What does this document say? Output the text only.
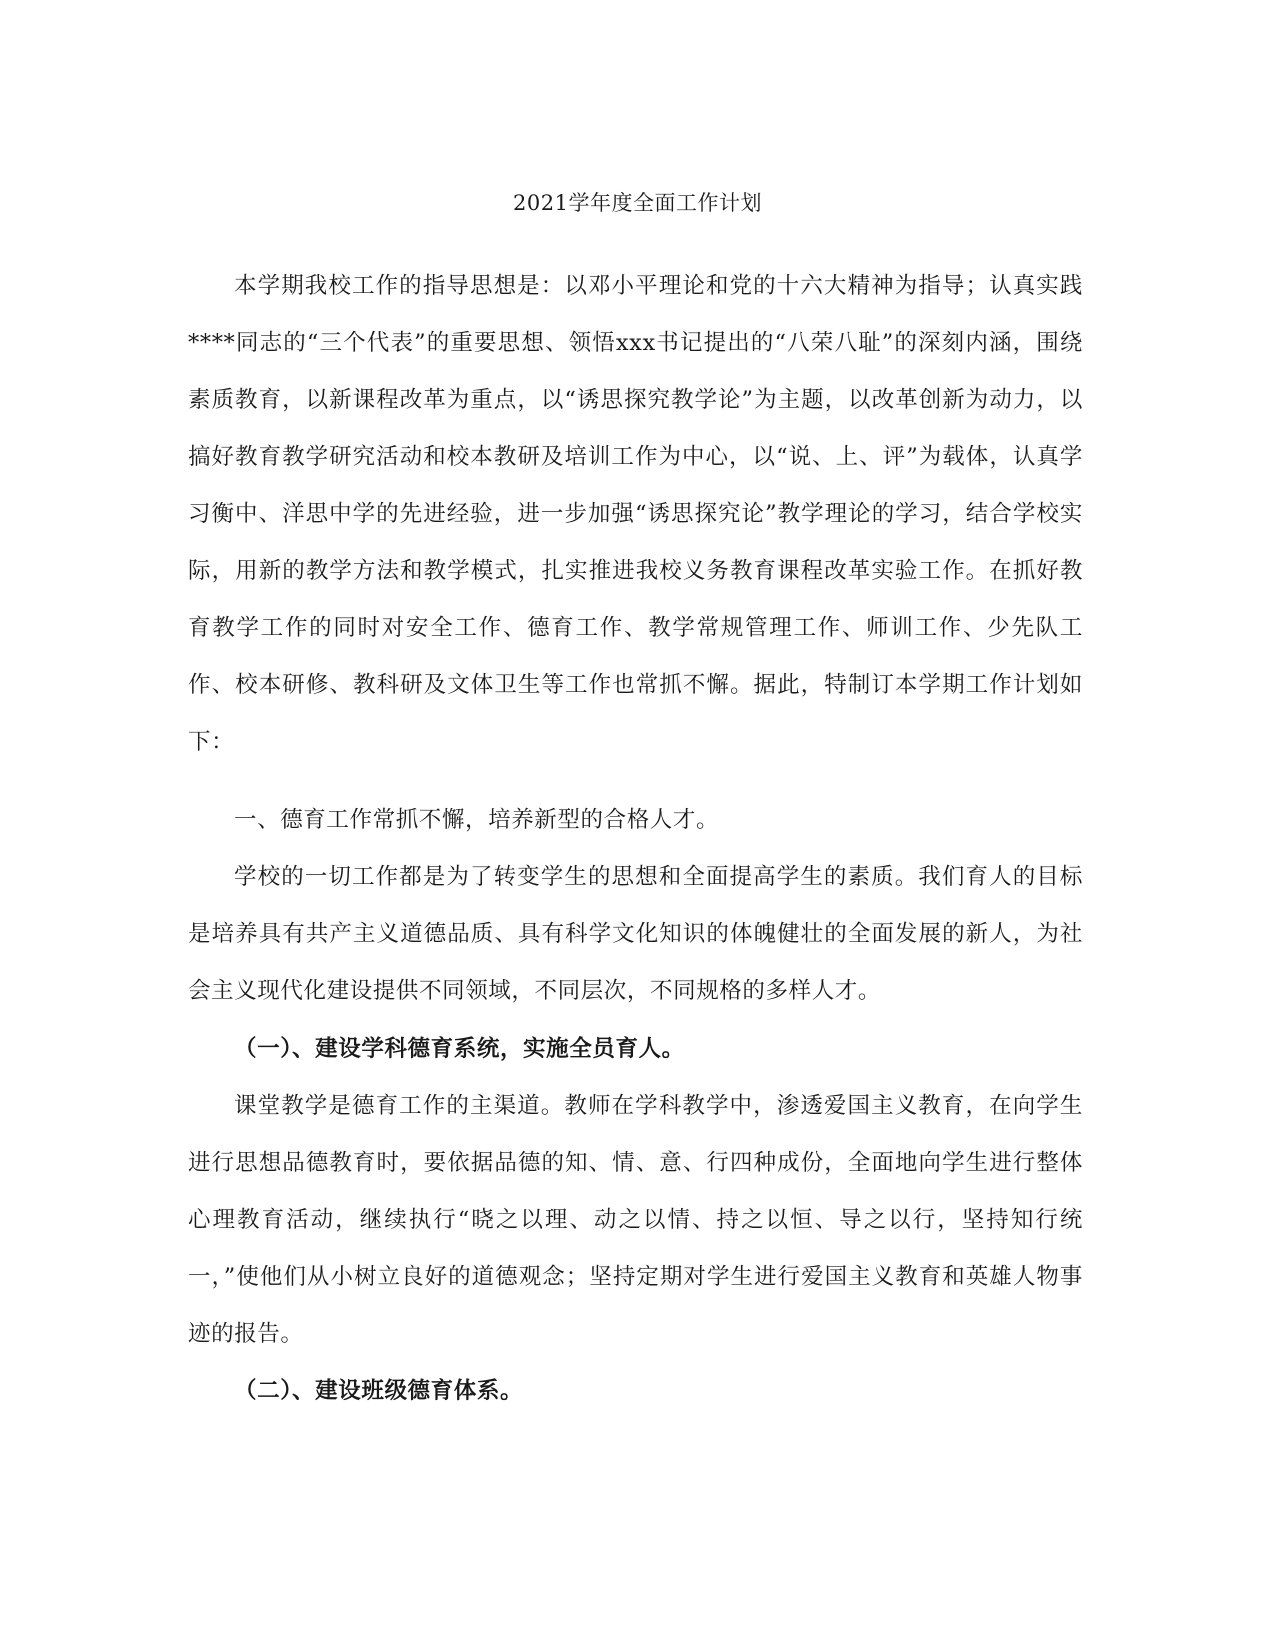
2021学年度全面工作计划

本学期我校工作的指导思想是：以邓小平理论和党的十六大精神为指导；认真实践****同志的“三个代表”的重要思想、领悟xxx书记提出的“八荣八耻”的深刻内涵，围绕素质教育，以新课程改革为重点，以“诱思探究教学论”为主题，以改革创新为动力，以搞好教育教学研究活动和校本教研及培训工作为中心，以“说、上、评”为载体，认真学习衡中、洋思中学的先进经验，进一步加强“诱思探究论”教学理论的学习，结合学校实际，用新的教学方法和教学模式，扎实推进我校义务教育课程改革实验工作。在抓好教育教学工作的同时对安全工作、德育工作、教学常规管理工作、师训工作、少先队工作、校本研修、教科研及文体卫生等工作也常抓不懈。据此，特制订本学期工作计划如下：

一、德育工作常抓不懈，培养新型的合格人才。

学校的一切工作都是为了转变学生的思想和全面提高学生的素质。我们育人的目标是培养具有共产主义道德品质、具有科学文化知识的体魄健壮的全面发展的新人，为社会主义现代化建设提供不同领域，不同层次，不同规格的多样人才。

（一）、建设学科德育系统，实施全员育人。

课堂教学是德育工作的主渠道。教师在学科教学中，渗透爱国主义教育，在向学生进行思想品德教育时，要依据品德的知、情、意、行四种成份，全面地向学生进行整体心理教育活动，继续执行“晓之以理、动之以情、持之以恒、导之以行，坚持知行统一，”使他们从小树立良好的道德观念；坚持定期对学生进行爱国主义教育和英雄人物事迹的报告。

（二）、建设班级德育体系。
